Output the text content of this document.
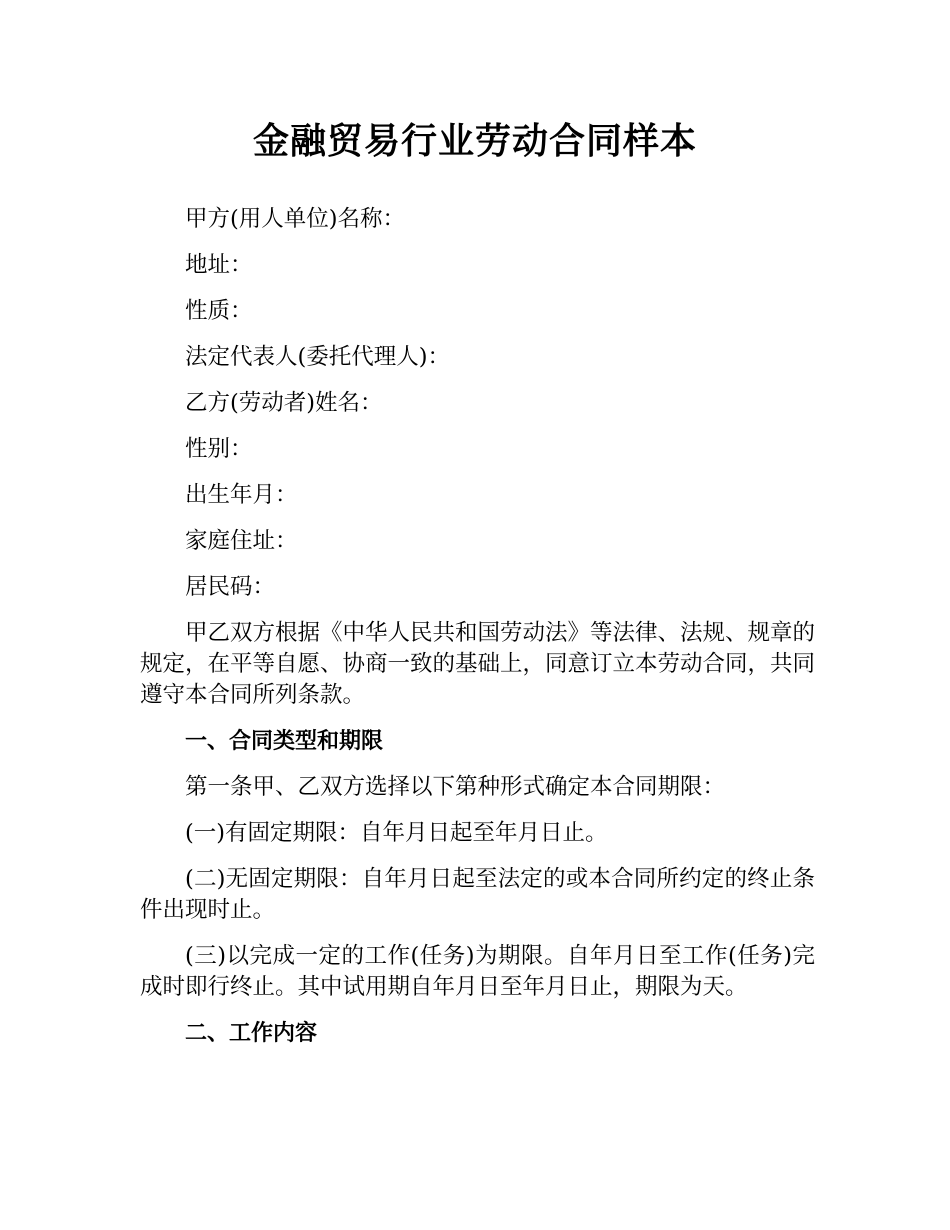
金融贸易行业劳动合同样本
甲方(用人单位)名称：
地址：
性质：
法定代表人(委托代理人)：
乙方(劳动者)姓名：
性别：
出生年月：
家庭住址：
居民码：

甲乙双方根据《中华人民共和国劳动法》等法律、法规、规章的规定，在平等自愿、协商一致的基础上，同意订立本劳动合同，共同遵守本合同所列条款。

一、合同类型和期限

第一条甲、乙双方选择以下第种形式确定本合同期限：

(一)有固定期限：自年月日起至年月日止。

(二)无固定期限：自年月日起至法定的或本合同所约定的终止条件出现时止。

(三)以完成一定的工作(任务)为期限。自年月日至工作(任务)完成时即行终止。其中试用期自年月日至年月日止，期限为天。

二、工作内容
